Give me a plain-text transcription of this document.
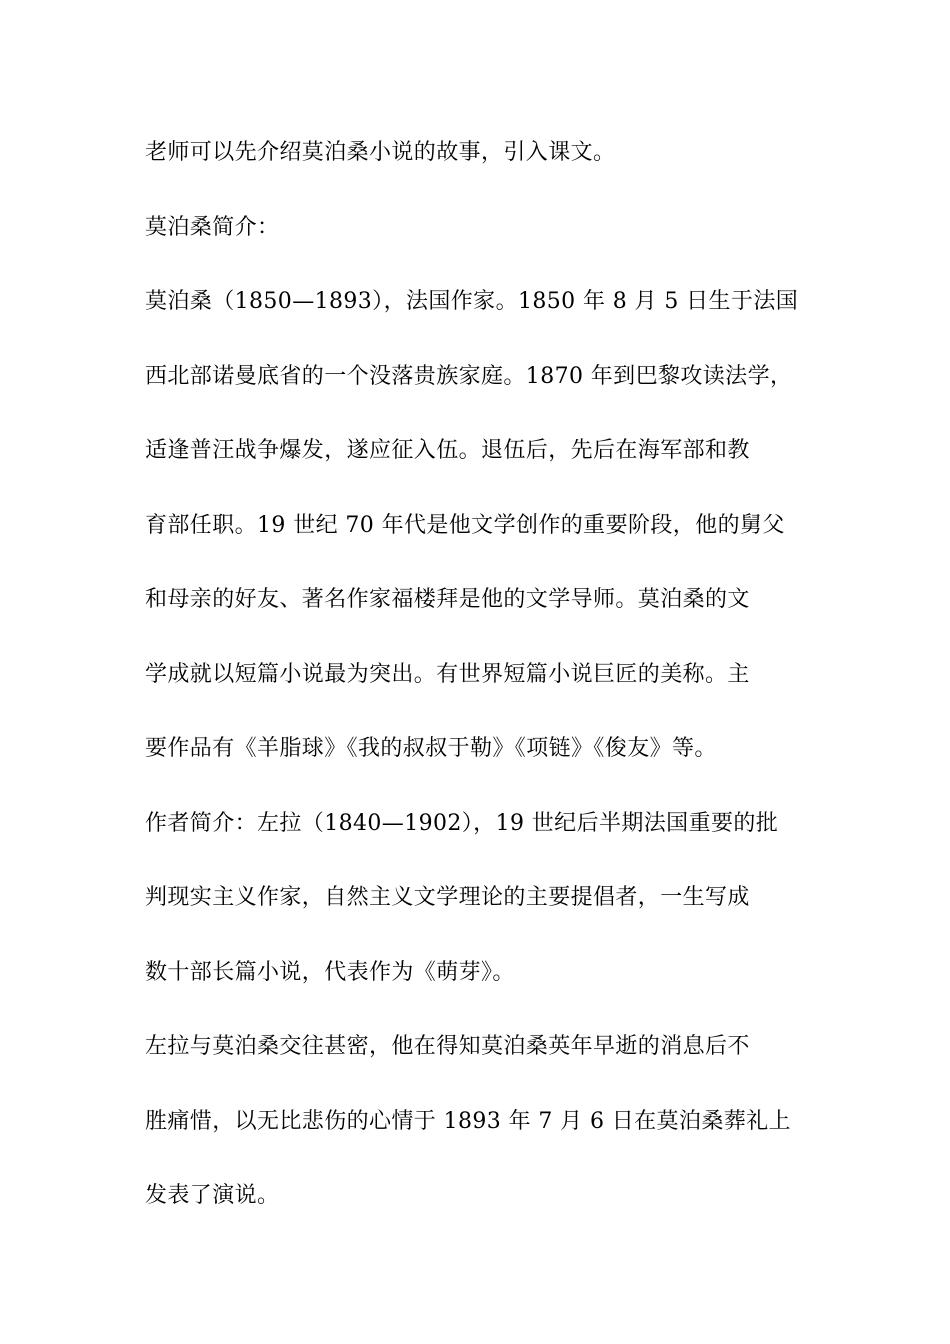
老师可以先介绍莫泊桑小说的故事，引入课文。
莫泊桑简介：
莫泊桑（1850—1893），法国作家。1850 年 8 月 5 日生于法国
西北部诺曼底省的一个没落贵族家庭。1870 年到巴黎攻读法学，
适逢普汪战争爆发，遂应征入伍。退伍后，先后在海军部和教
育部任职。19 世纪 70 年代是他文学创作的重要阶段，他的舅父
和母亲的好友、著名作家福楼拜是他的文学导师。莫泊桑的文
学成就以短篇小说最为突出。有世界短篇小说巨匠的美称。主
要作品有《羊脂球》《我的叔叔于勒》《项链》《俊友》等。
作者简介：左拉（1840—1902），19 世纪后半期法国重要的批
判现实主义作家，自然主义文学理论的主要提倡者，一生写成
数十部长篇小说，代表作为《萌芽》。
左拉与莫泊桑交往甚密，他在得知莫泊桑英年早逝的消息后不
胜痛惜，以无比悲伤的心情于 1893 年 7 月 6 日在莫泊桑葬礼上
发表了演说。
